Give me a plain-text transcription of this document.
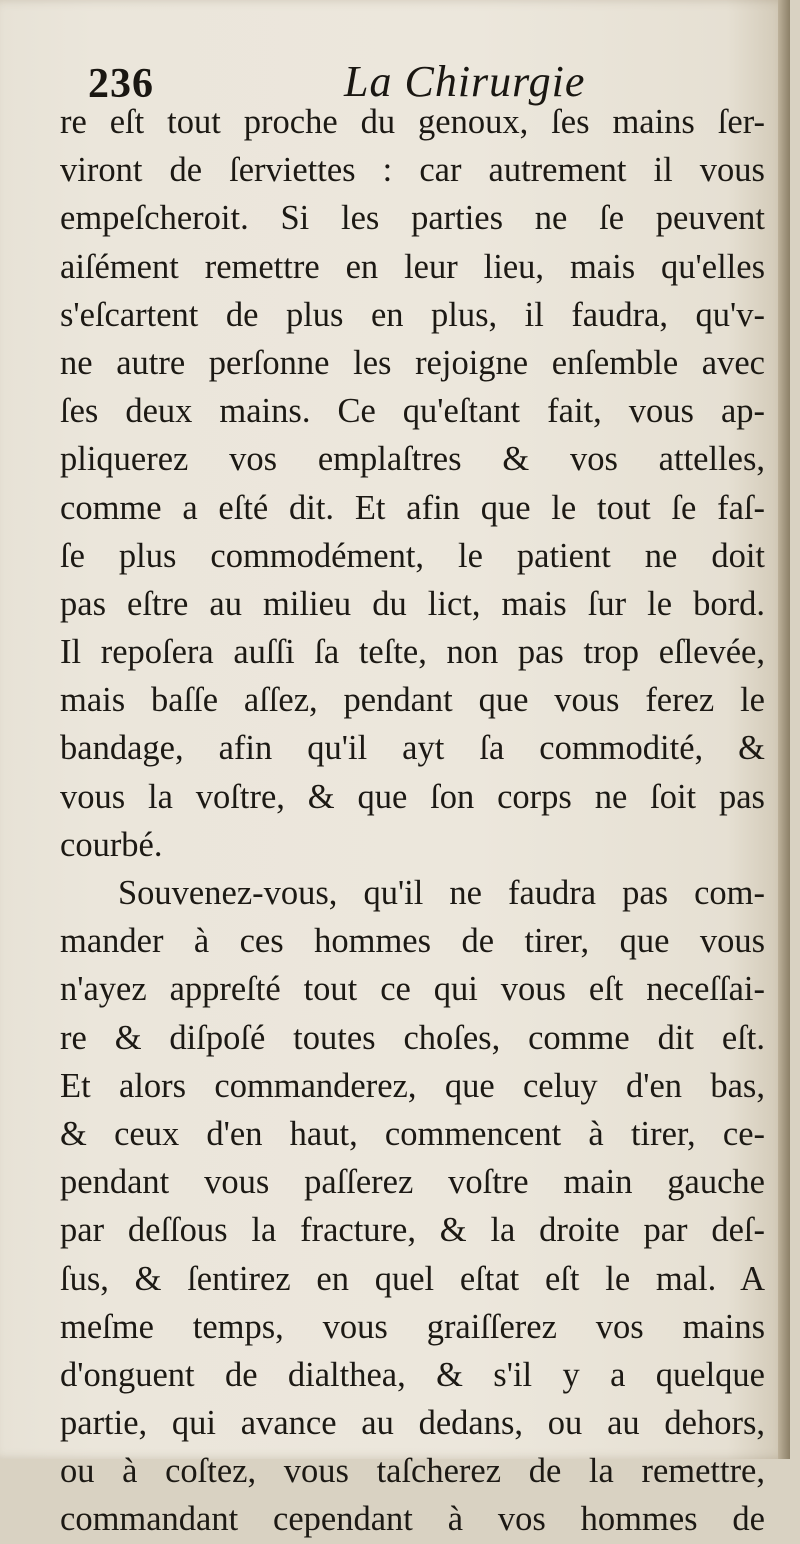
236	La Chirurgie
re eſt tout proche du genoux, ſes mains ſer-
viront de ſerviettes : car autrement il vous
empeſcheroit. Si les parties ne ſe peuvent
aiſément remettre en leur lieu, mais qu'elles
s'eſcartent de plus en plus, il faudra, qu'v-
ne autre perſonne les rejoigne enſemble avec
ſes deux mains. Ce qu'eſtant fait, vous ap-
pliquerez vos emplaſtres & vos attelles,
comme a eſté dit. Et afin que le tout ſe faſ-
ſe plus commodément, le patient ne doit
pas eſtre au milieu du lict, mais ſur le bord.
Il repoſera auſſi ſa teſte, non pas trop eſlevée,
mais baſſe aſſez, pendant que vous ferez le
bandage, afin qu'il ayt ſa commodité, &
vous la voſtre, & que ſon corps ne ſoit pas
courbé.
Souvenez-vous, qu'il ne faudra pas com-
mander à ces hommes de tirer, que vous
n'ayez appreſté tout ce qui vous eſt neceſſai-
re & diſpoſé toutes choſes, comme dit eſt.
Et alors commanderez, que celuy d'en bas,
& ceux d'en haut, commencent à tirer, ce-
pendant vous paſſerez voſtre main gauche
par deſſous la fracture, & la droite par deſ-
ſus, & ſentirez en quel eſtat eſt le mal. A
meſme temps, vous graiſſerez vos mains
d'onguent de dialthea, & s'il y a quelque
partie, qui avance au dedans, ou au dehors,
ou à coſtez, vous taſcherez de la remettre,
commandant cependant à vos hommes de
